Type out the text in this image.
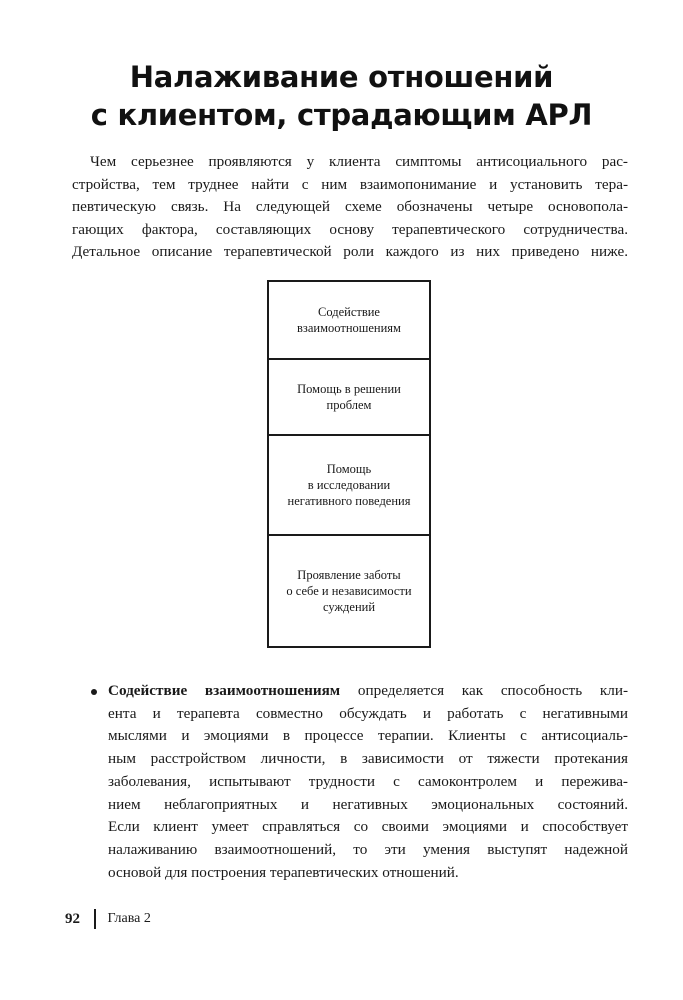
Налаживание отношений
с клиентом, страдающим АРЛ

Чем серьезнее проявляются у клиента симптомы антисоциального рас-
стройства, тем труднее найти с ним взаимопонимание и установить тера-
певтическую связь. На следующей схеме обозначены четыре основопола-
гающих фактора, составляющих основу терапевтического сотрудничества.
Детальное описание терапевтической роли каждого из них приведено ниже.

Содействие
взаимоотношениям
Помощь в решении
проблем
Помощь
в исследовании
негативного поведения
Проявление заботы
о себе и независимости
суждений
Содействие взаимоотношениям определяется как способность кли-
ента и терапевта совместно обсуждать и работать с негативными
мыслями и эмоциями в процессе терапии. Клиенты с антисоциаль-
ным расстройством личности, в зависимости от тяжести протекания
заболевания, испытывают трудности с самоконтролем и пережива-
нием неблагоприятных и негативных эмоциональных состояний.
Если клиент умеет справляться со своими эмоциями и способствует
налаживанию взаимоотношений, то эти умения выступят надежной
основой для построения терапевтических отношений.
92 Глава 2
